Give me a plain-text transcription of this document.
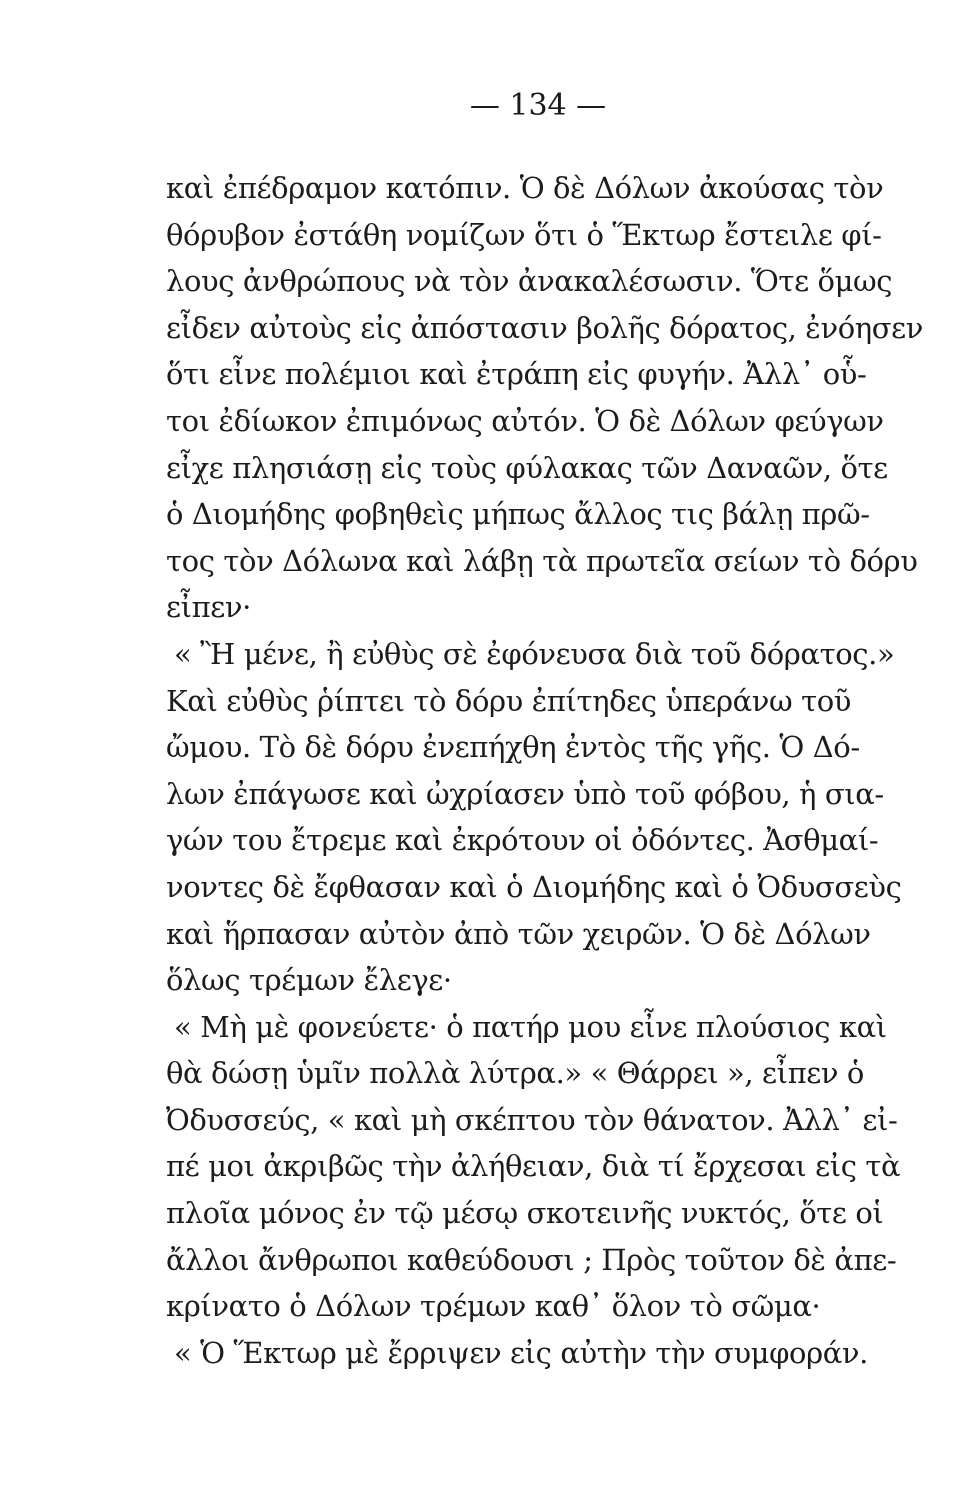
— 134 —
καὶ ἐπέδραμον κατόπιν. Ὁ δὲ Δόλων ἀκούσας τὸν
θόρυβον ἐστάθη νομίζων ὅτι ὁ Ἕκτωρ ἔστειλε φί-
λους ἀνθρώπους νὰ τὸν ἀνακαλέσωσιν. Ὅτε ὅμως
εἶδεν αὐτοὺς εἰς ἀπόστασιν βολῆς δόρατος, ἐνόησεν
ὅτι εἶνε πολέμιοι καὶ ἐτράπη εἰς φυγήν. Ἀλλ᾽ οὗ-
τοι ἐδίωκον ἐπιμόνως αὐτόν. Ὁ δὲ Δόλων φεύγων
εἶχε πλησιάσῃ εἰς τοὺς φύλακας τῶν Δαναῶν, ὅτε
ὁ Διομήδης φοβηθεὶς μήπως ἄλλος τις βάλῃ πρῶ-
τος τὸν Δόλωνα καὶ λάβῃ τὰ πρωτεῖα σείων τὸ δόρυ
εἶπεν·
« Ἢ μένε, ἢ εὐθὺς σὲ ἐφόνευσα διὰ τοῦ δόρατος.»
Καὶ εὐθὺς ῥίπτει τὸ δόρυ ἐπίτηδες ὑπεράνω τοῦ
ὤμου. Τὸ δὲ δόρυ ἐνεπήχθη ἐντὸς τῆς γῆς. Ὁ Δό-
λων ἐπάγωσε καὶ ὠχρίασεν ὑπὸ τοῦ φόβου, ἡ σια-
γών του ἔτρεμε καὶ ἐκρότουν οἱ ὀδόντες. Ἀσθμαί-
νοντες δὲ ἔφθασαν καὶ ὁ Διομήδης καὶ ὁ Ὀδυσσεὺς
καὶ ἥρπασαν αὐτὸν ἀπὸ τῶν χειρῶν. Ὁ δὲ Δόλων
ὅλως τρέμων ἔλεγε·
« Μὴ μὲ φονεύετε· ὁ πατήρ μου εἶνε πλούσιος καὶ
θὰ δώσῃ ὑμῖν πολλὰ λύτρα.» « Θάρρει », εἶπεν ὁ
Ὀδυσσεύς, « καὶ μὴ σκέπτου τὸν θάνατον. Ἀλλ᾽ εἰ-
πέ μοι ἀκριβῶς τὴν ἀλήθειαν, διὰ τί ἔρχεσαι εἰς τὰ
πλοῖα μόνος ἐν τῷ μέσῳ σκοτεινῆς νυκτός, ὅτε οἱ
ἄλλοι ἄνθρωποι καθεύδουσι ; Πρὸς τοῦτον δὲ ἀπε-
κρίνατο ὁ Δόλων τρέμων καθ᾽ ὅλον τὸ σῶμα·
« Ὁ Ἕκτωρ μὲ ἔρριψεν εἰς αὐτὴν τὴν συμφοράν.
